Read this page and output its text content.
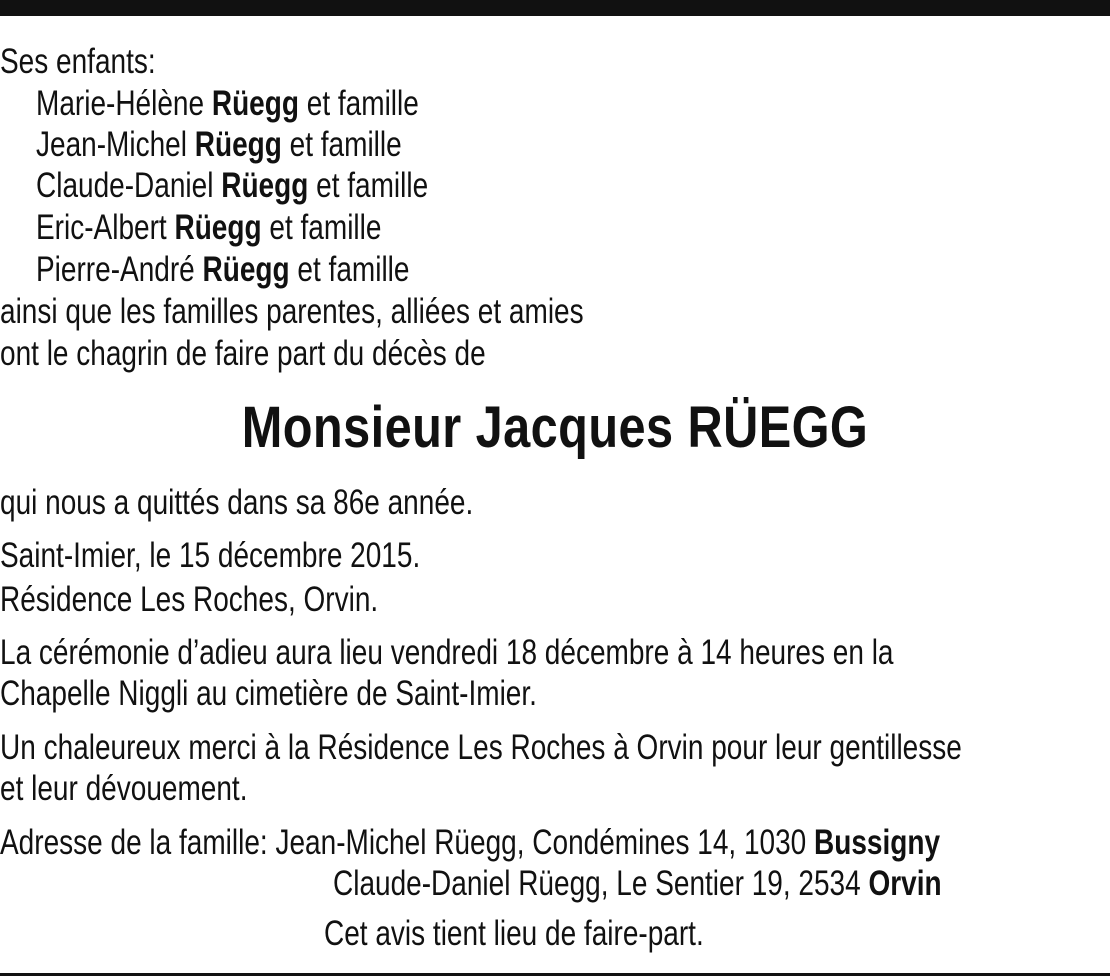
Ses enfants:
Marie-Hélène Rüegg et famille
Jean-Michel Rüegg et famille
Claude-Daniel Rüegg et famille
Eric-Albert Rüegg et famille
Pierre-André Rüegg et famille
ainsi que les familles parentes, alliées et amies
ont le chagrin de faire part du décès de
Monsieur Jacques RÜEGG
qui nous a quittés dans sa 86e année.
Saint-Imier, le 15 décembre 2015.
Résidence Les Roches, Orvin.
La cérémonie d’adieu aura lieu vendredi 18 décembre à 14 heures en la
Chapelle Niggli au cimetière de Saint-Imier.
Un chaleureux merci à la Résidence Les Roches à Orvin pour leur gentillesse
et leur dévouement.
Adresse de la famille: Jean-Michel Rüegg, Condémines 14, 1030 Bussigny
Claude-Daniel Rüegg, Le Sentier 19, 2534 Orvin
Cet avis tient lieu de faire-part.
